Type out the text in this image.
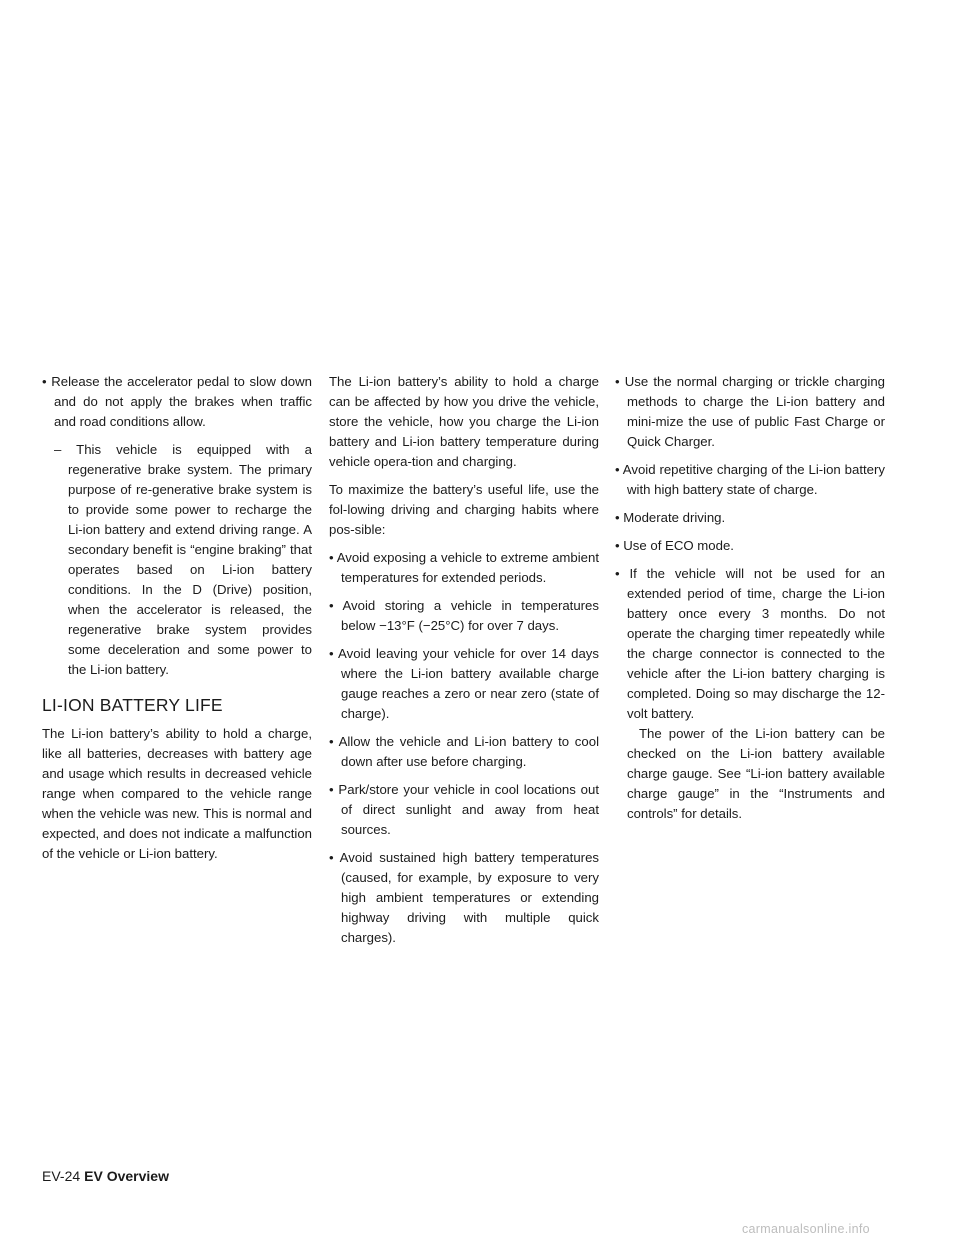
• Release the accelerator pedal to slow down and do not apply the brakes when traffic and road conditions allow.

– This vehicle is equipped with a regenerative brake system. The primary purpose of re-generative brake system is to provide some power to recharge the Li-ion battery and extend driving range. A secondary benefit is “engine braking” that operates based on Li-ion battery conditions. In the D (Drive) position, when the accelerator is released, the regenerative brake system provides some deceleration and some power to the Li-ion battery.

LI-ION BATTERY LIFE

The Li-ion battery’s ability to hold a charge, like all batteries, decreases with battery age and usage which results in decreased vehicle range when compared to the vehicle range when the vehicle was new. This is normal and expected, and does not indicate a malfunction of the vehicle or Li-ion battery.

The Li-ion battery’s ability to hold a charge can be affected by how you drive the vehicle, store the vehicle, how you charge the Li-ion battery and Li-ion battery temperature during vehicle opera-tion and charging.

To maximize the battery’s useful life, use the fol-lowing driving and charging habits where pos-sible:

• Avoid exposing a vehicle to extreme ambient temperatures for extended periods.

• Avoid storing a vehicle in temperatures below −13°F (−25°C) for over 7 days.

• Avoid leaving your vehicle for over 14 days where the Li-ion battery available charge gauge reaches a zero or near zero (state of charge).

• Allow the vehicle and Li-ion battery to cool down after use before charging.

• Park/store your vehicle in cool locations out of direct sunlight and away from heat sources.

• Avoid sustained high battery temperatures (caused, for example, by exposure to very high ambient temperatures or extending highway driving with multiple quick charges).

• Use the normal charging or trickle charging methods to charge the Li-ion battery and mini-mize the use of public Fast Charge or Quick Charger.

• Avoid repetitive charging of the Li-ion battery with high battery state of charge.

• Moderate driving.

• Use of ECO mode.

• If the vehicle will not be used for an extended period of time, charge the Li-ion battery once every 3 months. Do not operate the charging timer repeatedly while the charge connector is connected to the vehicle after the Li-ion battery charging is completed. Doing so may discharge the 12-volt battery.

The power of the Li-ion battery can be checked on the Li-ion battery available charge gauge. See “Li-ion battery available charge gauge” in the “Instruments and controls” for details.

EV-24 EV Overview
carmanualsonline.info
